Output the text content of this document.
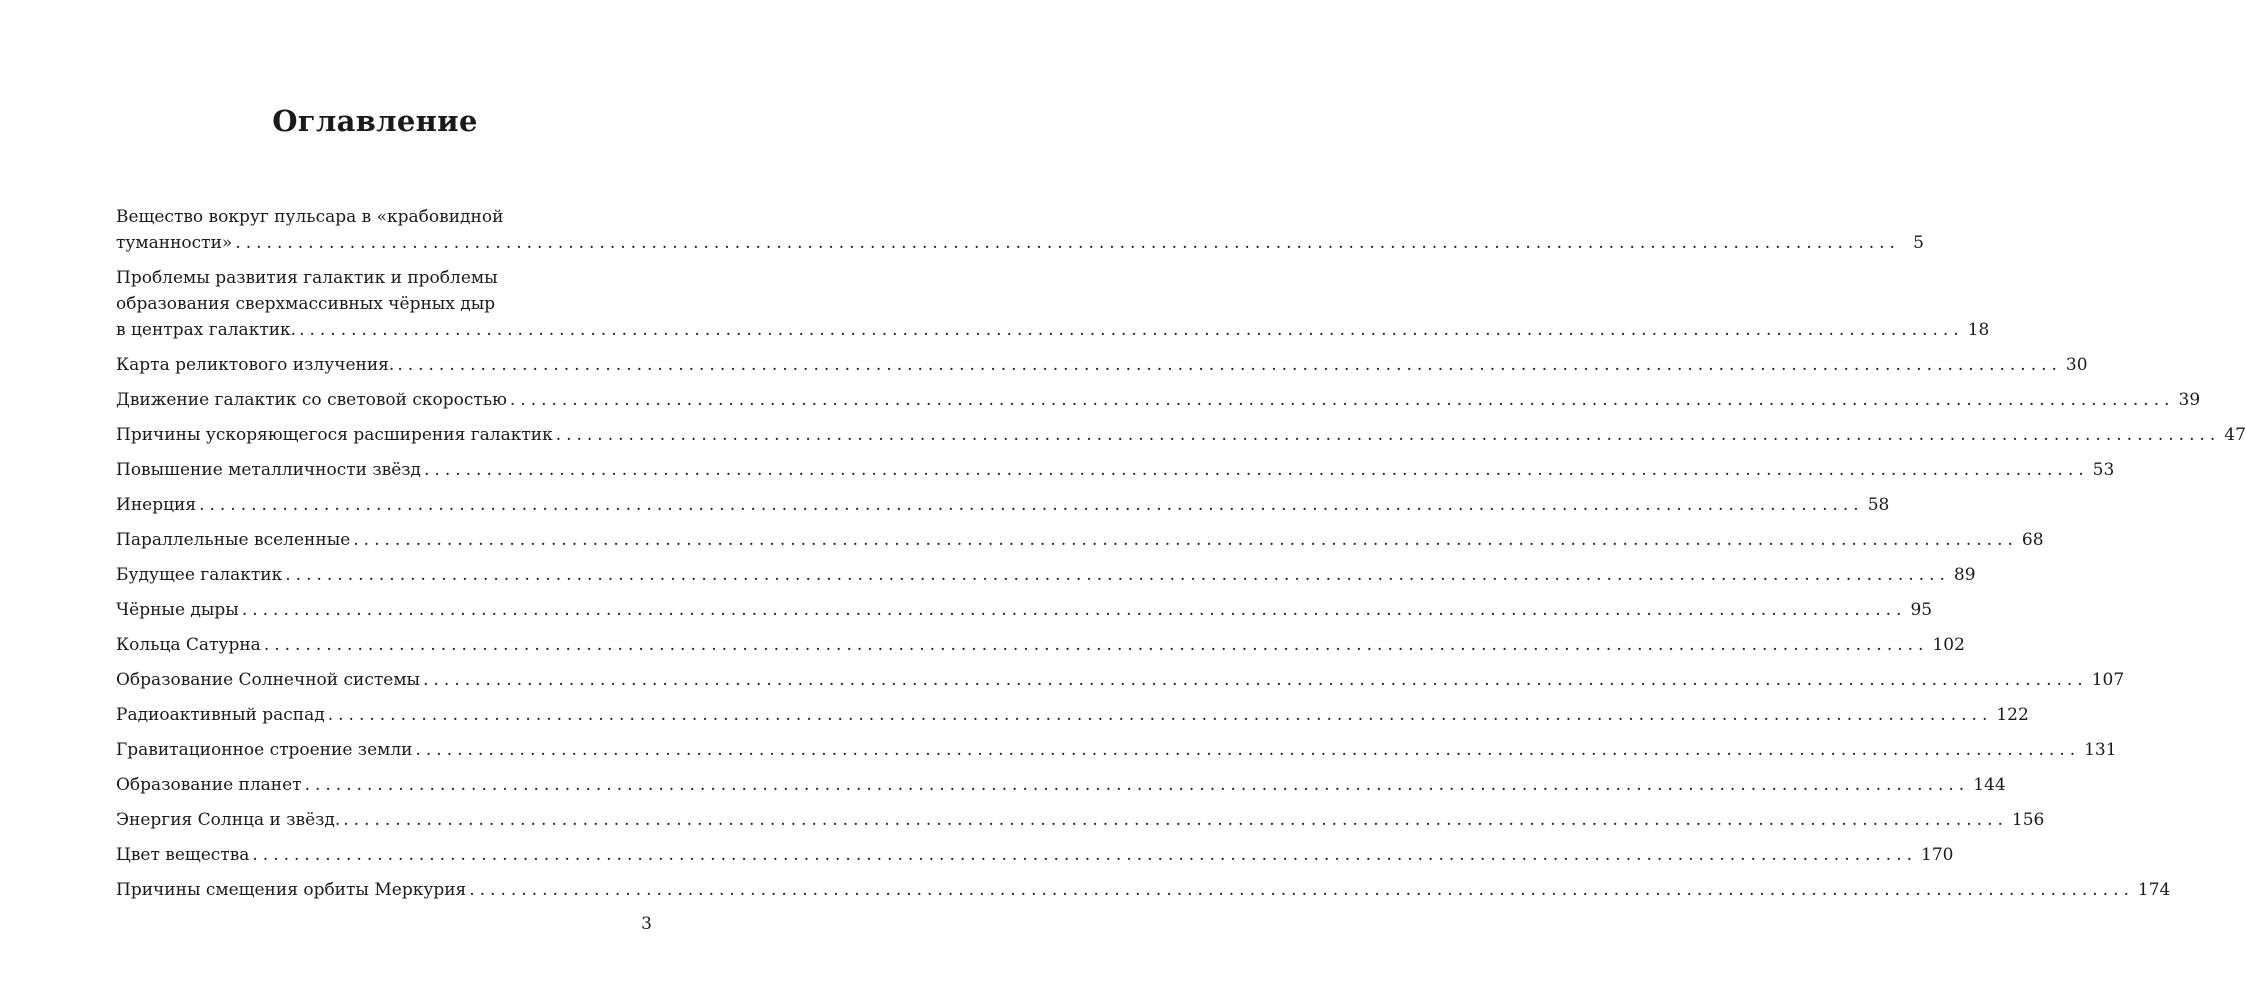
Оглавление
Вещество вокруг пульсара в «крабовидной
туманности» ................................................................................................................................................................ 5
Проблемы развития галактик и проблемы
образования сверхмассивных чёрных дыр
в центрах галактик. ................................................................................................................................................................ 18
Карта реликтового излучения. ................................................................................................................................................................ 30
Движение галактик со световой скоростью ................................................................................................................................................................ 39
Причины ускоряющегося расширения галактик ................................................................................................................................................................ 47
Повышение металличности звёзд ................................................................................................................................................................ 53
Инерция ................................................................................................................................................................ 58
Параллельные вселенные ................................................................................................................................................................ 68
Будущее галактик ................................................................................................................................................................ 89
Чёрные дыры ................................................................................................................................................................ 95
Кольца Сатурна ................................................................................................................................................................ 102
Образование Солнечной системы ................................................................................................................................................................ 107
Радиоактивный распад ................................................................................................................................................................ 122
Гравитационное строение земли ................................................................................................................................................................ 131
Образование планет ................................................................................................................................................................ 144
Энергия Солнца и звёзд. ................................................................................................................................................................ 156
Цвет вещества ................................................................................................................................................................ 170
Причины смещения орбиты Меркурия ................................................................................................................................................................ 174
3
